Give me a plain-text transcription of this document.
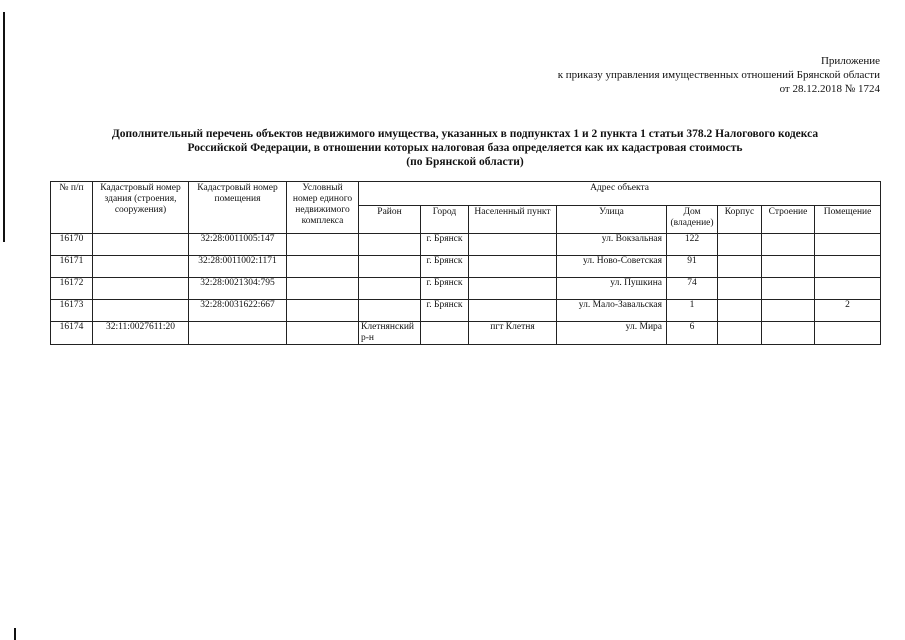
Приложение
к приказу управления имущественных отношений Брянской области
от 28.12.2018 № 1724
Дополнительный перечень объектов недвижимого имущества, указанных в подпунктах 1 и 2 пункта 1 статьи 378.2 Налогового кодекса
Российской Федерации, в отношении которых налоговая база определяется как их кадастровая стоимость
(по Брянской области)
№ п/п	Кадастровый номер здания (строения, сооружения)	Кадастровый номер помещения	Условный номер единого недвижимого комплекса	Адрес объекта							
				Район	Город	Населенный пункт	Улица	Дом (владение)	Корпус	Строение	Помещение
16170		32:28:0011005:147			г. Брянск		ул. Вокзальная	122			
16171		32:28:0011002:1171			г. Брянск		ул. Ново-Советская	91			
16172		32:28:0021304:795			г. Брянск		ул. Пушкина	74			
16173		32:28:0031622:667			г. Брянск		ул. Мало-Завальская	1			2
16174	32:11:0027611:20			Клетнянский р-н		пгт Клетня	ул. Мира	6			
